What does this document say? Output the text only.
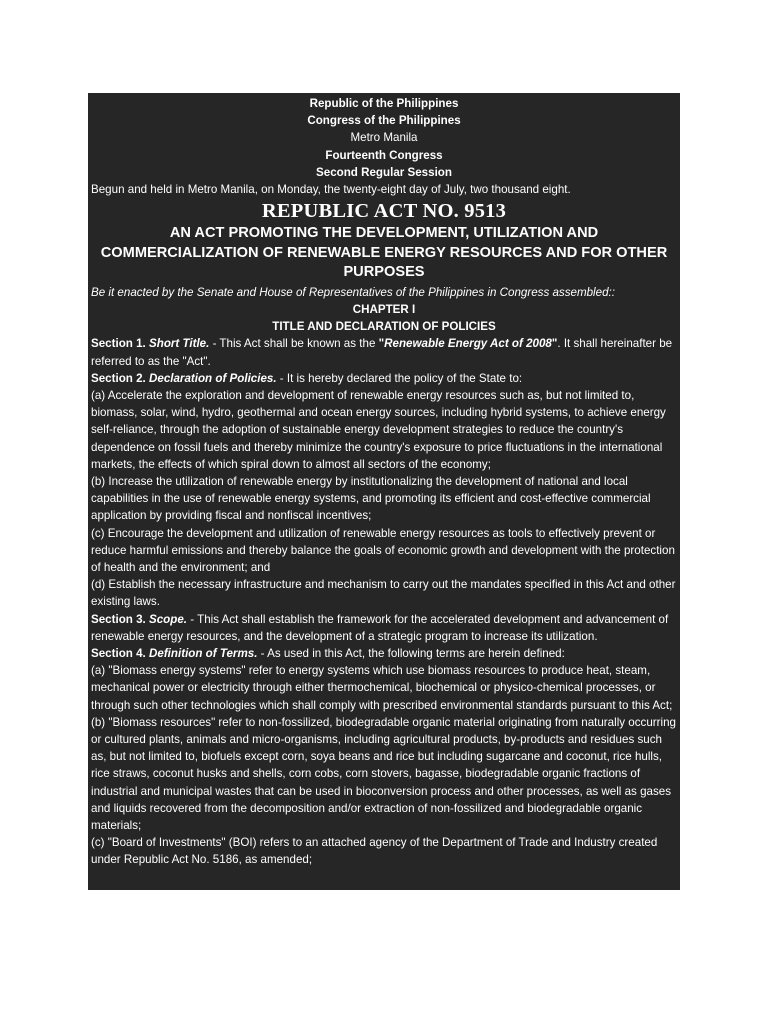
Republic of the Philippines

Congress of the Philippines

Metro Manila

Fourteenth Congress

Second Regular Session

Begun and held in Metro Manila, on Monday, the twenty-eight day of July, two thousand eight.

REPUBLIC ACT NO. 9513
AN ACT PROMOTING THE DEVELOPMENT, UTILIZATION AND COMMERCIALIZATION OF RENEWABLE ENERGY RESOURCES AND FOR OTHER PURPOSES

Be it enacted by the Senate and House of Representatives of the Philippines in Congress assembled::

CHAPTER I

TITLE AND DECLARATION OF POLICIES

Section 1. Short Title. - This Act shall be known as the "Renewable Energy Act of 2008". It shall hereinafter be referred to as the "Act".

Section 2. Declaration of Policies. - It is hereby declared the policy of the State to:

(a) Accelerate the exploration and development of renewable energy resources such as, but not limited to, biomass, solar, wind, hydro, geothermal and ocean energy sources, including hybrid systems, to achieve energy self-reliance, through the adoption of sustainable energy development strategies to reduce the country's dependence on fossil fuels and thereby minimize the country's exposure to price fluctuations in the international markets, the effects of which spiral down to almost all sectors of the economy;

(b) Increase the utilization of renewable energy by institutionalizing the development of national and local capabilities in the use of renewable energy systems, and promoting its efficient and cost-effective commercial application by providing fiscal and nonfiscal incentives;

(c) Encourage the development and utilization of renewable energy resources as tools to effectively prevent or reduce harmful emissions and thereby balance the goals of economic growth and development with the protection of health and the environment; and

(d) Establish the necessary infrastructure and mechanism to carry out the mandates specified in this Act and other existing laws.

Section 3. Scope. - This Act shall establish the framework for the accelerated development and advancement of renewable energy resources, and the development of a strategic program to increase its utilization.

Section 4. Definition of Terms. - As used in this Act, the following terms are herein defined:

(a) "Biomass energy systems" refer to energy systems which use biomass resources to produce heat, steam, mechanical power or electricity through either thermochemical, biochemical or physico-chemical processes, or through such other technologies which shall comply with prescribed environmental standards pursuant to this Act;

(b) "Biomass resources" refer to non-fossilized, biodegradable organic material originating from naturally occurring or cultured plants, animals and micro-organisms, including agricultural products, by-products and residues such as, but not limited to, biofuels except corn, soya beans and rice but including sugarcane and coconut, rice hulls, rice straws, coconut husks and shells, corn cobs, corn stovers, bagasse, biodegradable organic fractions of industrial and municipal wastes that can be used in bioconversion process and other processes, as well as gases and liquids recovered from the decomposition and/or extraction of non-fossilized and biodegradable organic materials;

(c) "Board of Investments" (BOI) refers to an attached agency of the Department of Trade and Industry created under Republic Act No. 5186, as amended;
